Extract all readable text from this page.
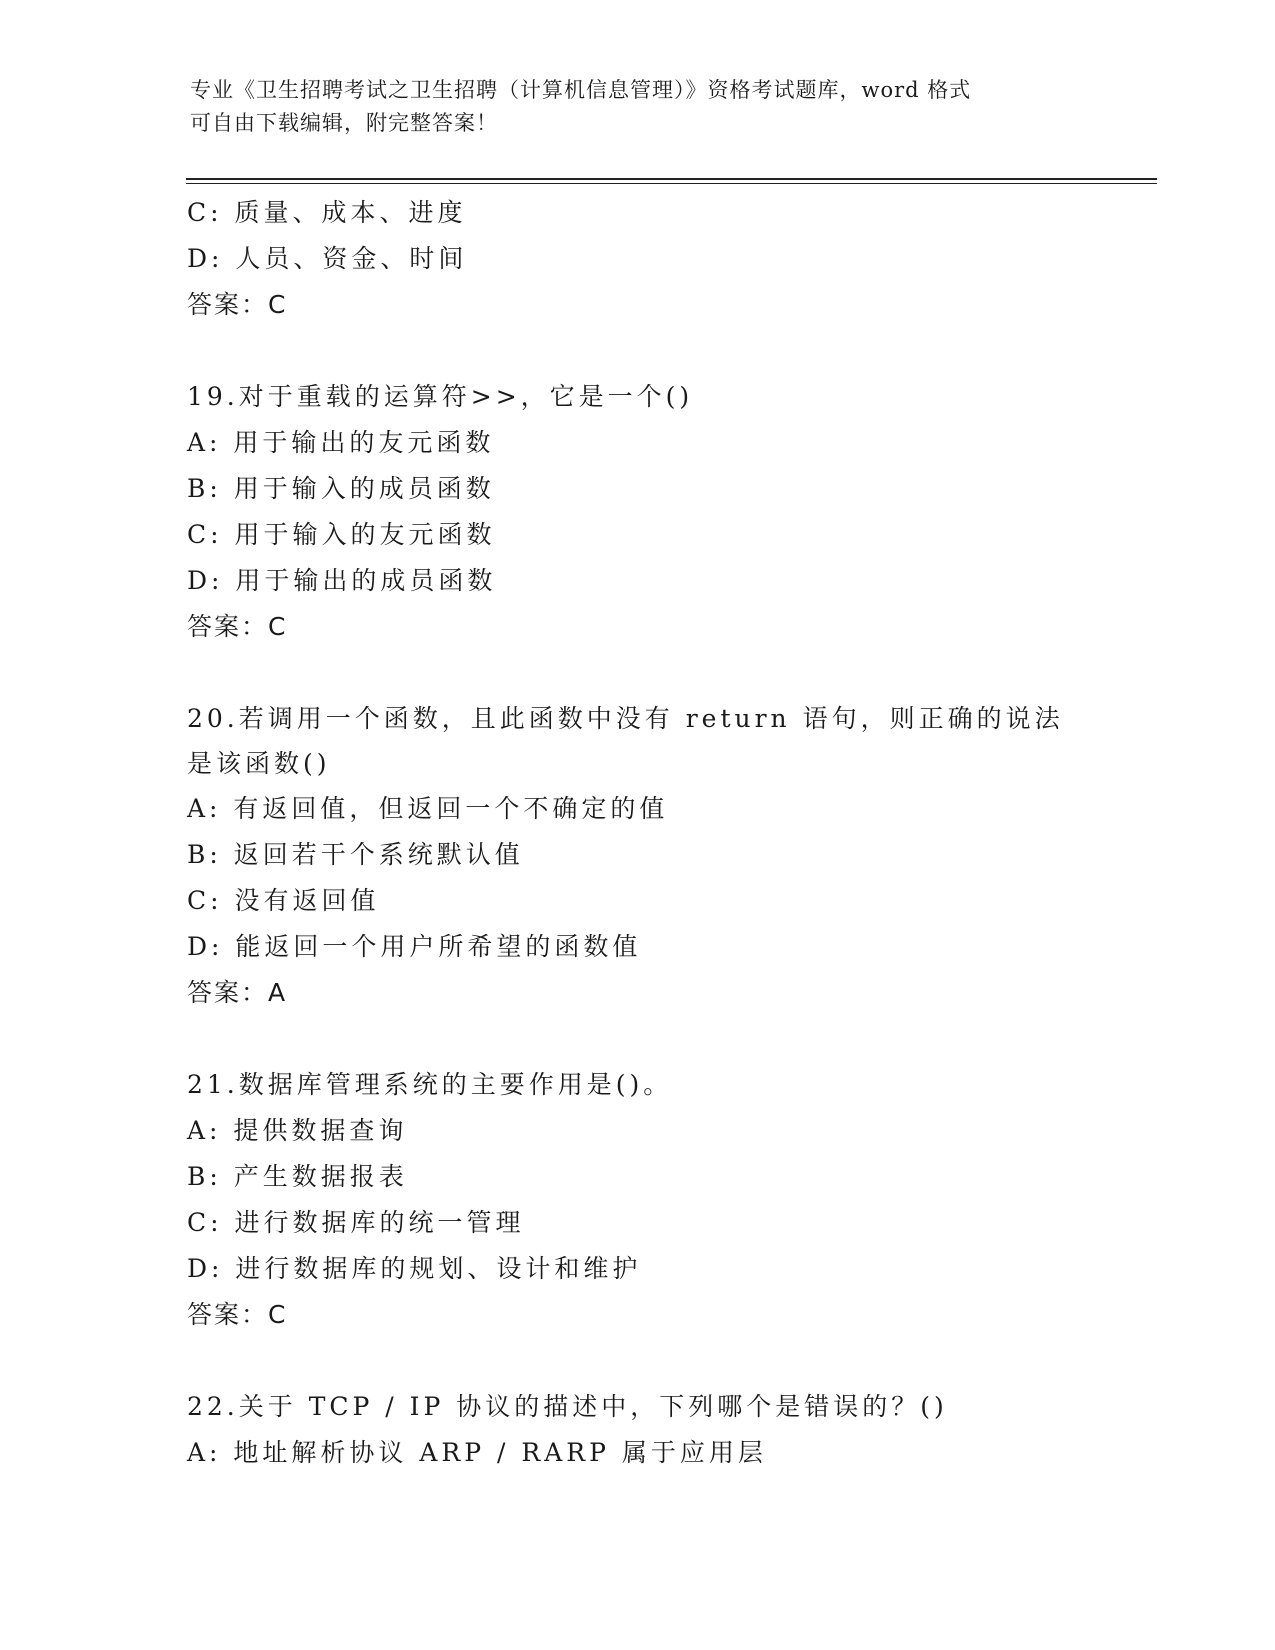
专业《卫生招聘考试之卫生招聘（计算机信息管理）》资格考试题库，word 格式
可自由下载编辑，附完整答案！
C: 质量、成本、进度
D: 人员、资金、时间
答案：C
19.对于重载的运算符>>，它是一个()
A: 用于输出的友元函数
B: 用于输入的成员函数
C: 用于输入的友元函数
D: 用于输出的成员函数
答案：C
20.若调用一个函数，且此函数中没有 return 语句，则正确的说法是该函数()
A: 有返回值，但返回一个不确定的值
B: 返回若干个系统默认值
C: 没有返回值
D: 能返回一个用户所希望的函数值
答案：A
21.数据库管理系统的主要作用是()。
A: 提供数据查询
B: 产生数据报表
C: 进行数据库的统一管理
D: 进行数据库的规划、设计和维护
答案：C
22.关于 TCP / IP 协议的描述中，下列哪个是错误的？()
A: 地址解析协议 ARP / RARP 属于应用层
